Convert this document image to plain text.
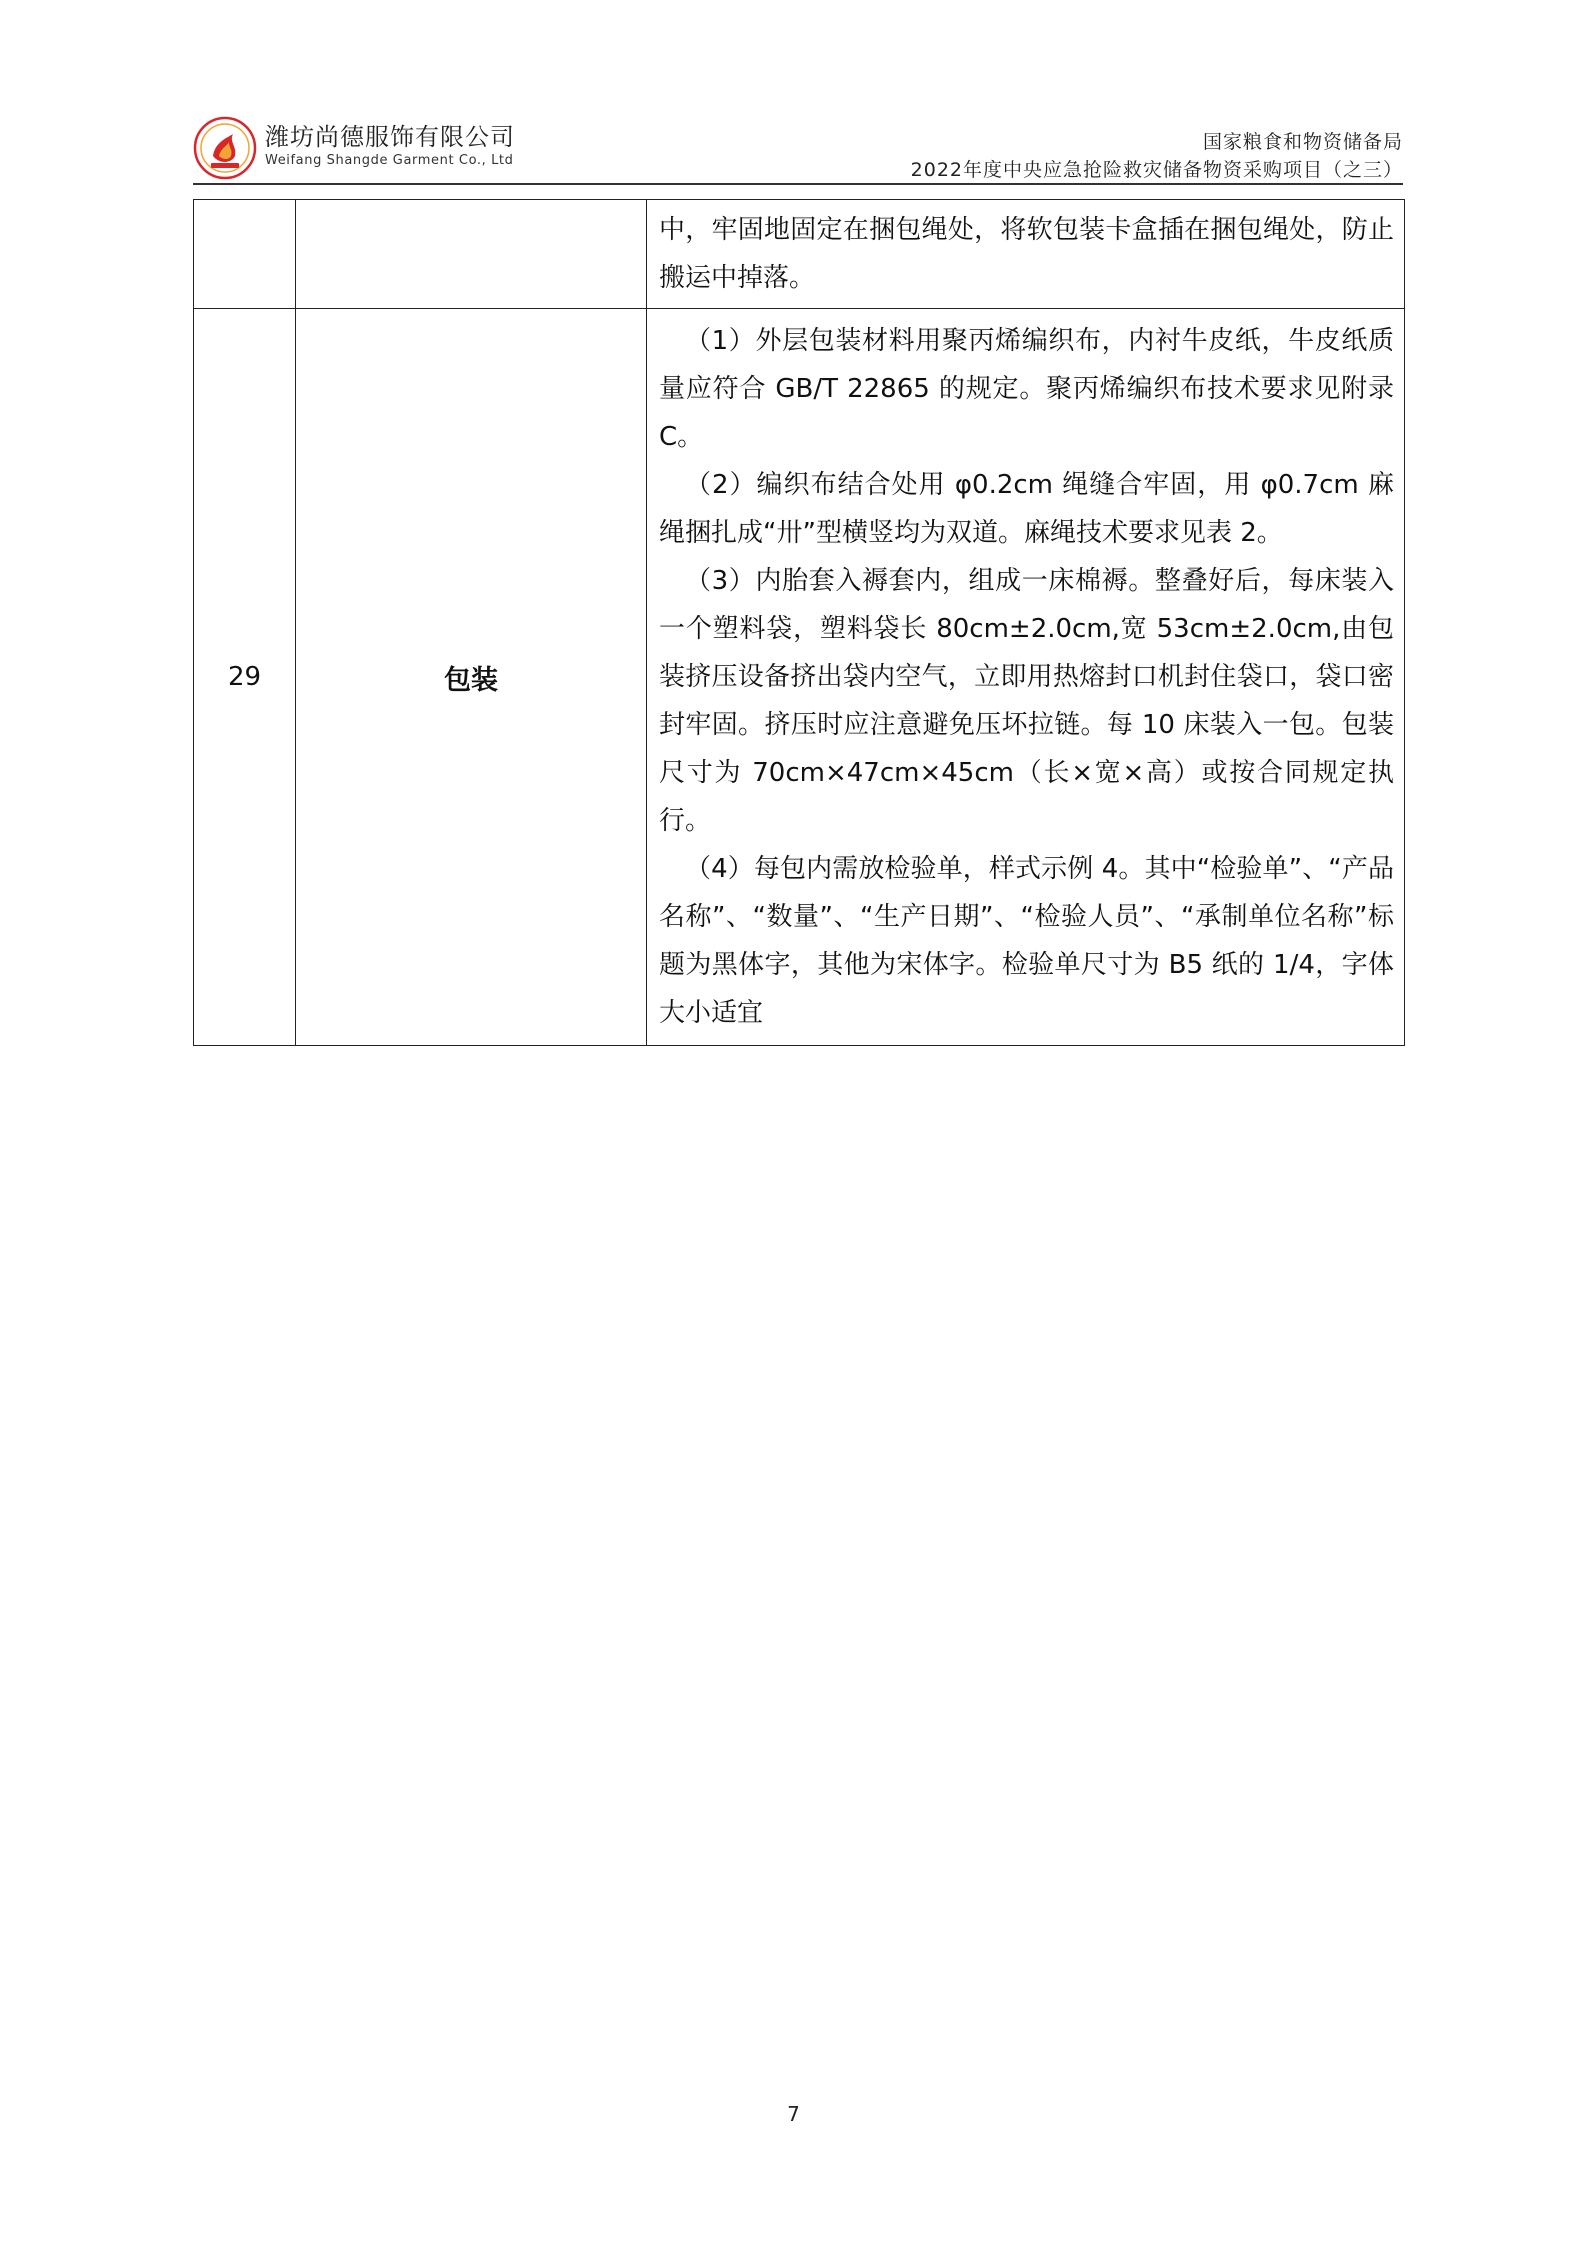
潍坊尚德服饰有限公司
Weifang Shangde Garment Co., Ltd
国家粮食和物资储备局
2022年度中央应急抢险救灾储备物资采购项目（之三）

		中，牢固地固定在捆包绳处，将软包装卡盒插在捆包绳处，防止搬运中掉落。

29	包装	（1）外层包装材料用聚丙烯编织布，内衬牛皮纸，牛皮纸质量应符合 GB/T 22865 的规定。聚丙烯编织布技术要求见附录 C。

（2）编织布结合处用 φ0.2cm 绳缝合牢固，用 φ0.7cm 麻绳捆扎成“卅”型横竖均为双道。麻绳技术要求见表 2。

（3）内胎套入褥套内，组成一床棉褥。整叠好后，每床装入一个塑料袋，塑料袋长 80cm±2.0cm,宽 53cm±2.0cm,由包装挤压设备挤出袋内空气，立即用热熔封口机封住袋口，袋口密封牢固。挤压时应注意避免压坏拉链。每 10 床装入一包。包装尺寸为 70cm×47cm×45cm（长×宽×高）或按合同规定执行。

（4）每包内需放检验单，样式示例 4。其中“检验单”、“产品名称”、“数量”、“生产日期”、“检验人员”、“承制单位名称”标题为黑体字，其他为宋体字。检验单尺寸为 B5 纸的 1/4，字体大小适宜

7
